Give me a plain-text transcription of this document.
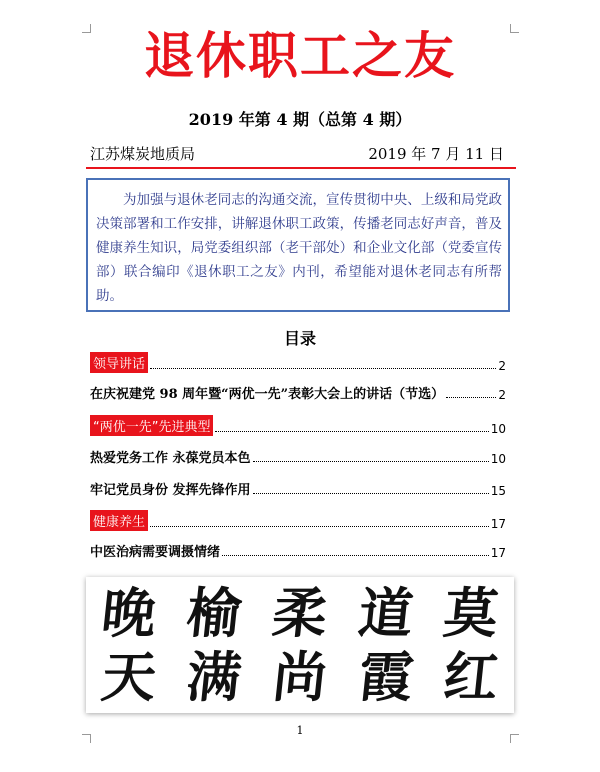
退休职工之友
2019 年第 4 期（总第 4 期）
江苏煤炭地质局	2019 年 7 月 11 日
为加强与退休老同志的沟通交流，宣传贯彻中央、上级和局党政决策部署和工作安排，讲解退休职工政策，传播老同志好声音，普及健康养生知识，局党委组织部（老干部处）和企业文化部（党委宣传部）联合编印《退休职工之友》内刊，希望能对退休老同志有所帮助。
目录
领导讲话	2
在庆祝建党 98 周年暨“两优一先”表彰大会上的讲话（节选）	2
“两优一先”先进典型	10
热爱党务工作 永葆党员本色	10
牢记党员身份 发挥先锋作用	15
健康养生	17
中医治病需要调摄情绪	17
晚 榆 柔 道 莫
天 满 尚 霞 红
1
